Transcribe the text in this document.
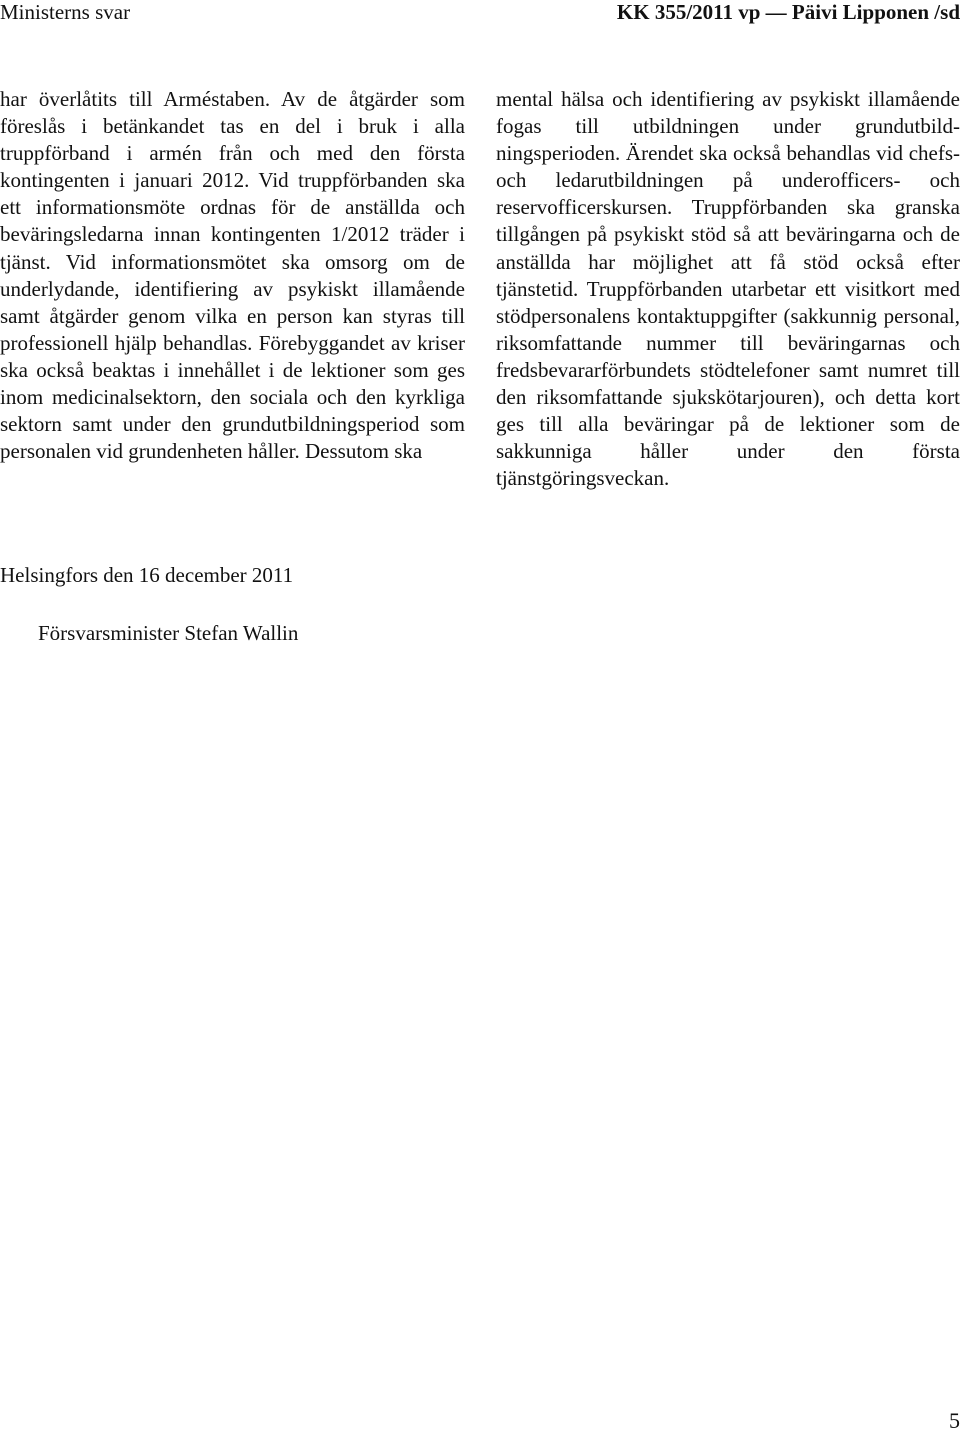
Ministerns svar	KK 355/2011 vp — Päivi Lipponen /sd

har överlåtits till Arméstaben. Av de åtgärder som föreslås i betänkandet tas en del i bruk i alla truppförband i armén från och med den första kontingenten i januari 2012. Vid truppförbanden ska ett informationsmöte ordnas för de anställda och beväringsledarna innan kontingenten 1/2012 träder i tjänst. Vid informationsmötet ska omsorg om de underlydande, identifiering av psykiskt illamående samt åtgärder genom vilka en person kan styras till professionell hjälp behandlas. Förebyggandet av kriser ska också beaktas i innehållet i de lektioner som ges inom medicinalsektorn, den sociala och den kyrkliga sektorn samt under den grundutbildningsperiod som personalen vid grundenheten håller. Dessutom ska

mental hälsa och identifiering av psykiskt illamående fogas till utbildningen under grundutbildningsperioden. Ärendet ska också behandlas vid chefs- och ledarutbildningen på underofficers- och reservofficerskursen. Truppförbanden ska granska tillgången på psykiskt stöd så att beväringarna och de anställda har möjlighet att få stöd också efter tjänstetid. Truppförbanden utarbetar ett visitkort med stödpersonalens kontaktuppgifter (sakkunnig personal, riksomfattande nummer till beväringarnas och fredsbevararförbundets stödtelefoner samt numret till den riksomfattande sjukskötarjouren), och detta kort ges till alla beväringar på de lektioner som de sakkunniga håller under den första tjänstgöringsveckan.

Helsingfors den 16 december 2011
Försvarsminister Stefan Wallin
5
